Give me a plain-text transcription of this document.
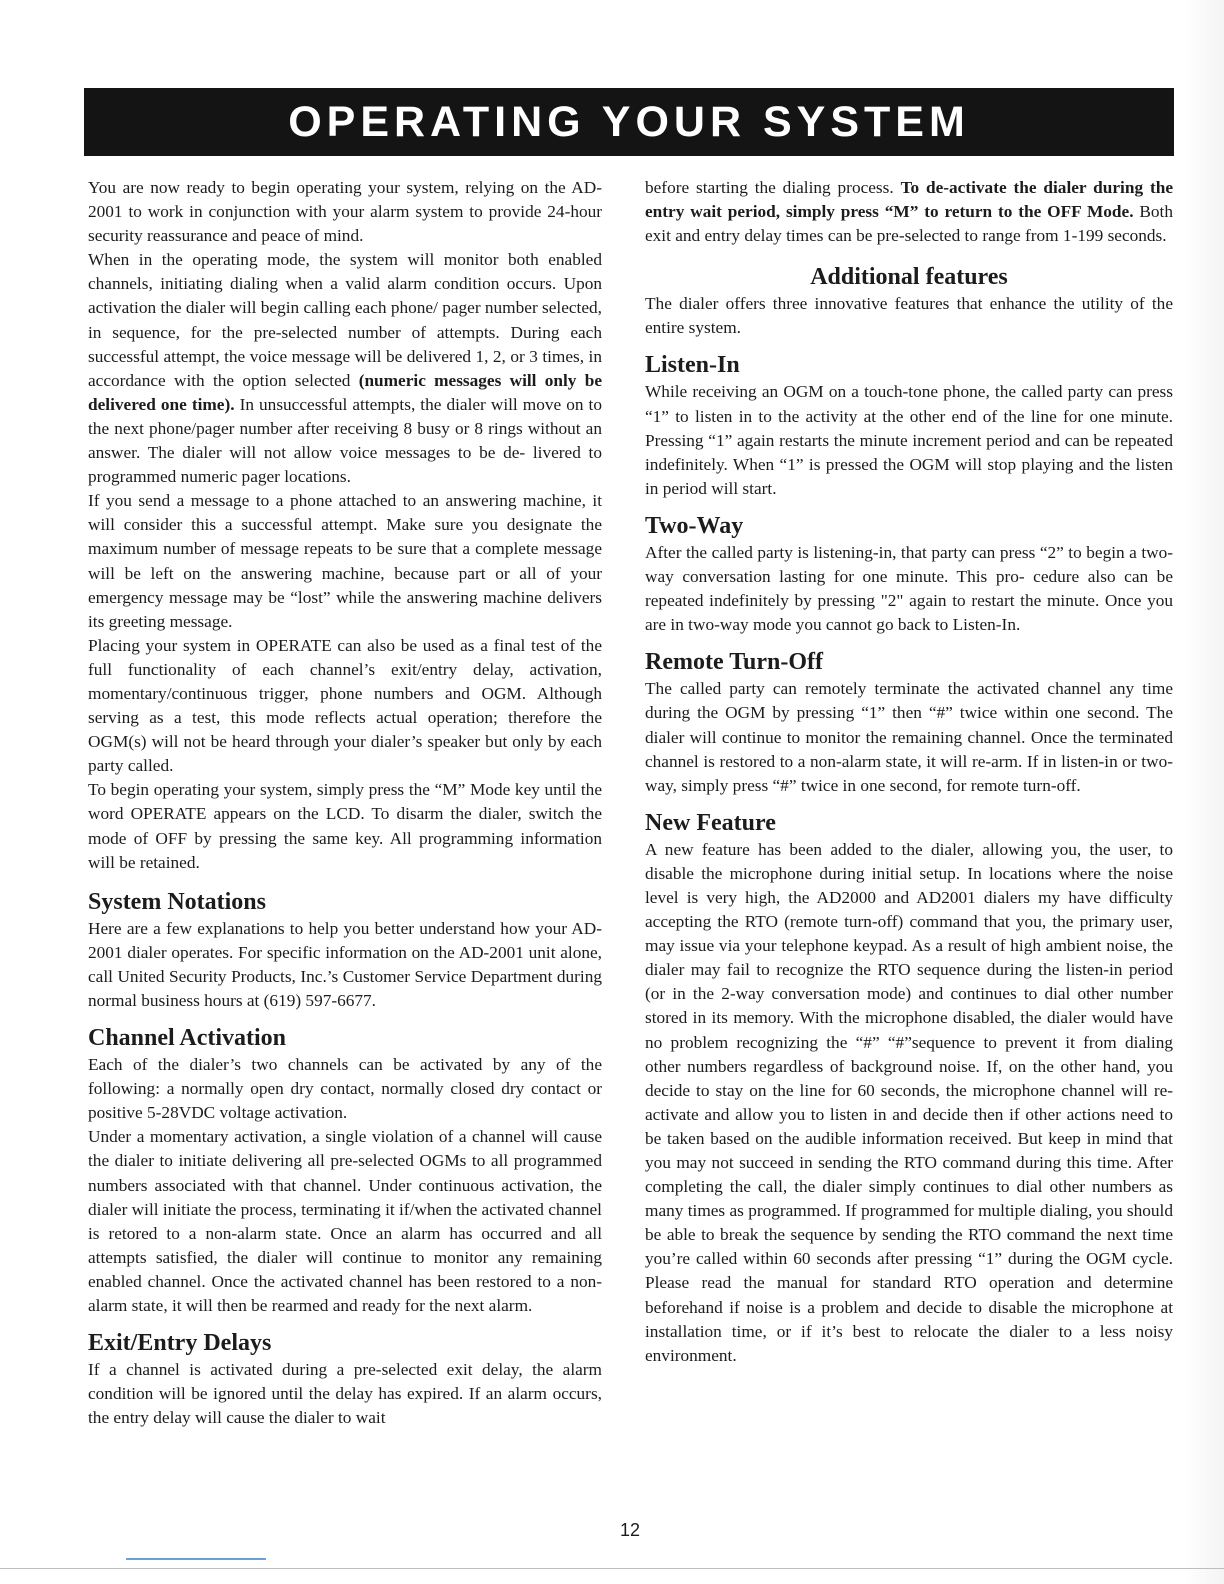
OPERATING YOUR SYSTEM

You are now ready to begin operating your system, relying on the AD-2001 to work in conjunction with your alarm system to provide 24-hour security reassurance and peace of mind.

When in the operating mode, the system will monitor both enabled channels, initiating dialing when a valid alarm condition occurs. Upon activation the dialer will begin calling each phone/ pager number selected, in sequence, for the pre-selected number of attempts. During each successful attempt, the voice message will be delivered 1, 2, or 3 times, in accordance with the option selected (numeric messages will only be delivered one time). In unsuccessful attempts, the dialer will move on to the next phone/pager number after receiving 8 busy or 8 rings without an answer. The dialer will not allow voice messages to be de- livered to programmed numeric pager locations.

If you send a message to a phone attached to an answering machine, it will consider this a successful attempt. Make sure you designate the maximum number of message repeats to be sure that a complete message will be left on the answering machine, because part or all of your emergency message may be “lost” while the answering machine delivers its greeting message.

Placing your system in OPERATE can also be used as a final test of the full functionality of each channel’s exit/entry delay, activation, momentary/continuous trigger, phone numbers and OGM. Although serving as a test, this mode reflects actual operation; therefore the OGM(s) will not be heard through your dialer’s speaker but only by each party called.

To begin operating your system, simply press the “M” Mode key until the word OPERATE appears on the LCD. To disarm the dialer, switch the mode of OFF by pressing the same key. All programming information will be retained.

System Notations

Here are a few explanations to help you better understand how your AD-2001 dialer operates. For specific information on the AD-2001 unit alone, call United Security Products, Inc.’s Customer Service Department during normal business hours at (619) 597-6677.

Channel Activation

Each of the dialer’s two channels can be activated by any of the following: a normally open dry contact, normally closed dry contact or positive 5-28VDC voltage activation.

Under a momentary activation, a single violation of a channel will cause the dialer to initiate delivering all pre-selected OGMs to all programmed numbers associated with that channel. Under continuous activation, the dialer will initiate the process, terminating it if/when the activated channel is retored to a non-alarm state. Once an alarm has occurred and all attempts satisfied, the dialer will continue to monitor any remaining enabled channel. Once the activated channel has been restored to a non-alarm state, it will then be rearmed and ready for the next alarm.

Exit/Entry Delays

If a channel is activated during a pre-selected exit delay, the alarm condition will be ignored until the delay has expired. If an alarm occurs, the entry delay will cause the dialer to wait

before starting the dialing process. To de-activate the dialer during the entry wait period, simply press “M” to return to the OFF Mode. Both exit and entry delay times can be pre-selected to range from 1-199 seconds.

Additional features

The dialer offers three innovative features that enhance the utility of the entire system.

Listen-In

While receiving an OGM on a touch-tone phone, the called party can press “1” to listen in to the activity at the other end of the line for one minute. Pressing “1” again restarts the minute increment period and can be repeated indefinitely. When “1” is pressed the OGM will stop playing and the listen in period will start.

Two-Way

After the called party is listening-in, that party can press “2” to begin a two-way conversation lasting for one minute. This pro- cedure also can be repeated indefinitely by pressing "2" again to restart the minute. Once you are in two-way mode you cannot go back to Listen-In.

Remote Turn-Off

The called party can remotely terminate the activated channel any time during the OGM by pressing “1” then “#” twice within one second. The dialer will continue to monitor the remaining channel. Once the terminated channel is restored to a non-alarm state, it will re-arm. If in listen-in or two-way, simply press “#” twice in one second, for remote turn-off.

New Feature

A new feature has been added to the dialer, allowing you, the user, to disable the microphone during initial setup. In locations where the noise level is very high, the AD2000 and AD2001 dialers my have difficulty accepting the RTO (remote turn-off) command that you, the primary user, may issue via your telephone keypad. As a result of high ambient noise, the dialer may fail to recognize the RTO sequence during the listen-in period (or in the 2-way conversation mode) and continues to dial other number stored in its memory. With the microphone disabled, the dialer would have no problem recognizing the “#” “#”sequence to prevent it from dialing other numbers regardless of background noise. If, on the other hand, you decide to stay on the line for 60 seconds, the microphone channel will re-activate and allow you to listen in and decide then if other actions need to be taken based on the audible information received. But keep in mind that you may not succeed in sending the RTO command during this time. After completing the call, the dialer simply continues to dial other numbers as many times as programmed. If programmed for multiple dialing, you should be able to break the sequence by sending the RTO command the next time you’re called within 60 seconds after pressing “1” during the OGM cycle. Please read the manual for standard RTO operation and determine beforehand if noise is a problem and decide to disable the microphone at installation time, or if it’s best to relocate the dialer to a less noisy environment.

12
